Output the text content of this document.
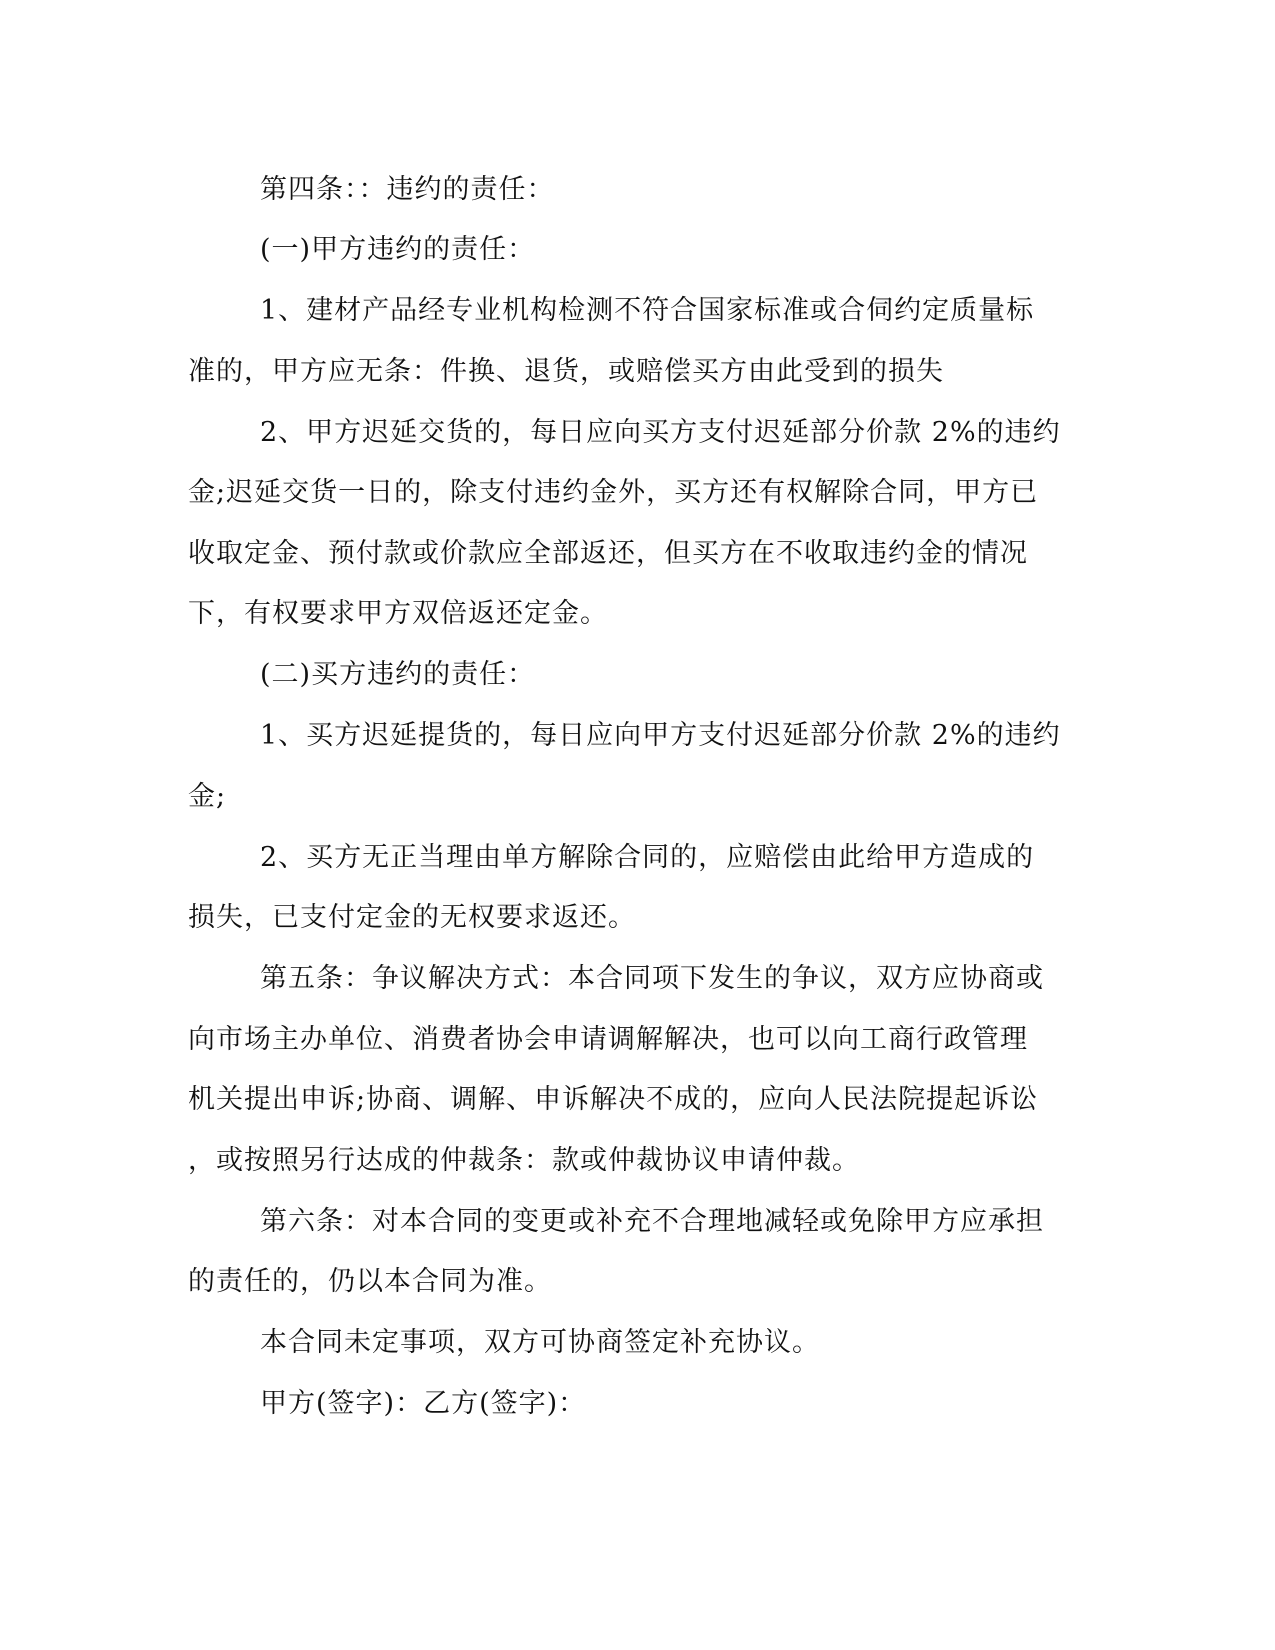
第四条：：违约的责任：
(一)甲方违约的责任：
1、建材产品经专业机构检测不符合国家标准或合伺约定质量标
准的，甲方应无条：件换、退货，或赔偿买方由此受到的损失
2、甲方迟延交货的，每日应向买方支付迟延部分价款 2%的违约
金;迟延交货一日的，除支付违约金外，买方还有权解除合同，甲方已
收取定金、预付款或价款应全部返还，但买方在不收取违约金的情况
下，有权要求甲方双倍返还定金。
(二)买方违约的责任：
1、买方迟延提货的，每日应向甲方支付迟延部分价款 2%的违约
金;
2、买方无正当理由单方解除合同的，应赔偿由此给甲方造成的
损失，已支付定金的无权要求返还。
第五条：争议解决方式：本合同项下发生的争议，双方应协商或
向市场主办单位、消费者协会申请调解解决，也可以向工商行政管理
机关提出申诉;协商、调解、申诉解决不成的，应向人民法院提起诉讼
，或按照另行达成的仲裁条：款或仲裁协议申请仲裁。
第六条：对本合同的变更或补充不合理地减轻或免除甲方应承担
的责任的，仍以本合同为准。
本合同未定事项，双方可协商签定补充协议。
甲方(签字)：乙方(签字)：
